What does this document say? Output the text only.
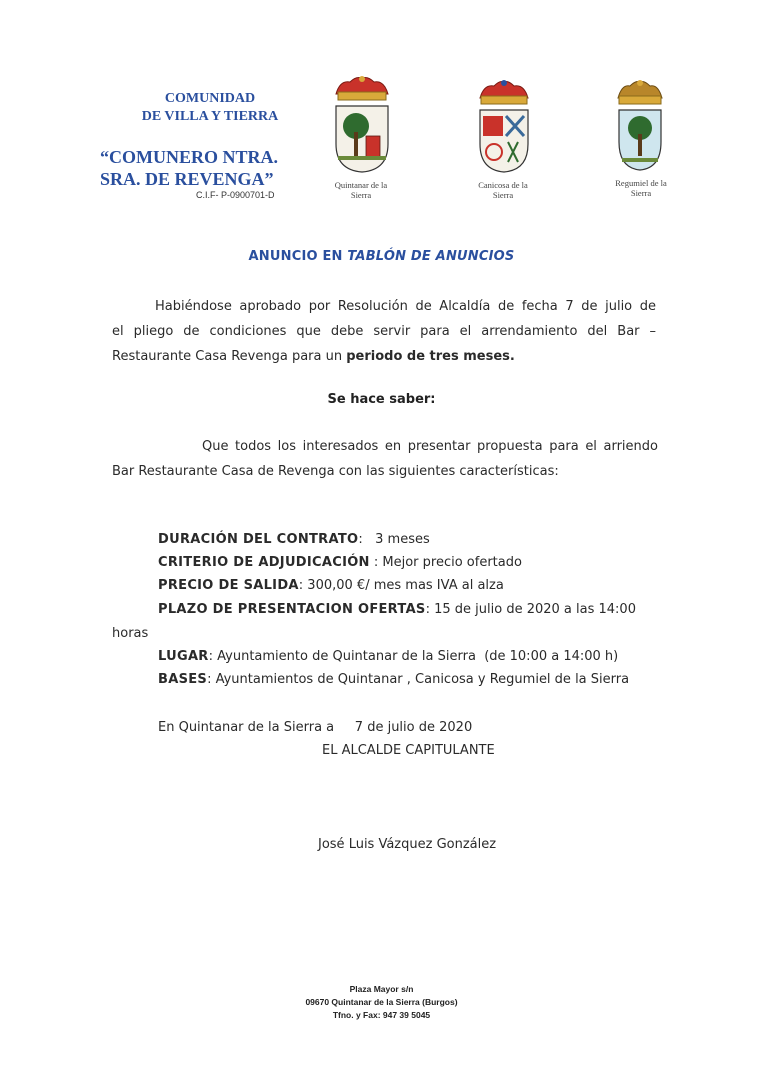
COMUNIDAD
DE VILLA Y TIERRA
“COMUNERO NTRA.
SRA. DE REVENGA”
C.I.F- P-0900701-D
Quintanar de la
Sierra
Canicosa de la
Sierra
Regumiel de la
Sierra
ANUNCIO EN TABLÓN DE ANUNCIOS
Habiéndose aprobado por Resolución de Alcaldía de fecha 7 de julio de
el pliego de condiciones que debe servir para el arrendamiento del Bar –
Restaurante Casa Revenga para un periodo de tres meses.
Se hace saber:
Que todos los interesados en presentar propuesta para el arriendo
Bar Restaurante Casa de Revenga con las siguientes características:
DURACIÓN DEL CONTRATO:   3 meses
CRITERIO DE ADJUDICACIÓN : Mejor precio ofertado
PRECIO DE SALIDA: 300,00 €/ mes mas IVA al alza
PLAZO DE PRESENTACION OFERTAS: 15 de julio de 2020 a las 14:00
horas
LUGAR: Ayuntamiento de Quintanar de la Sierra  (de 10:00 a 14:00 h)
BASES: Ayuntamientos de Quintanar , Canicosa y Regumiel de la Sierra
En Quintanar de la Sierra a     7 de julio de 2020
EL ALCALDE CAPITULANTE
José Luis Vázquez González
Plaza Mayor s/n
09670 Quintanar de la Sierra (Burgos)
Tfno. y Fax: 947 39 5045
